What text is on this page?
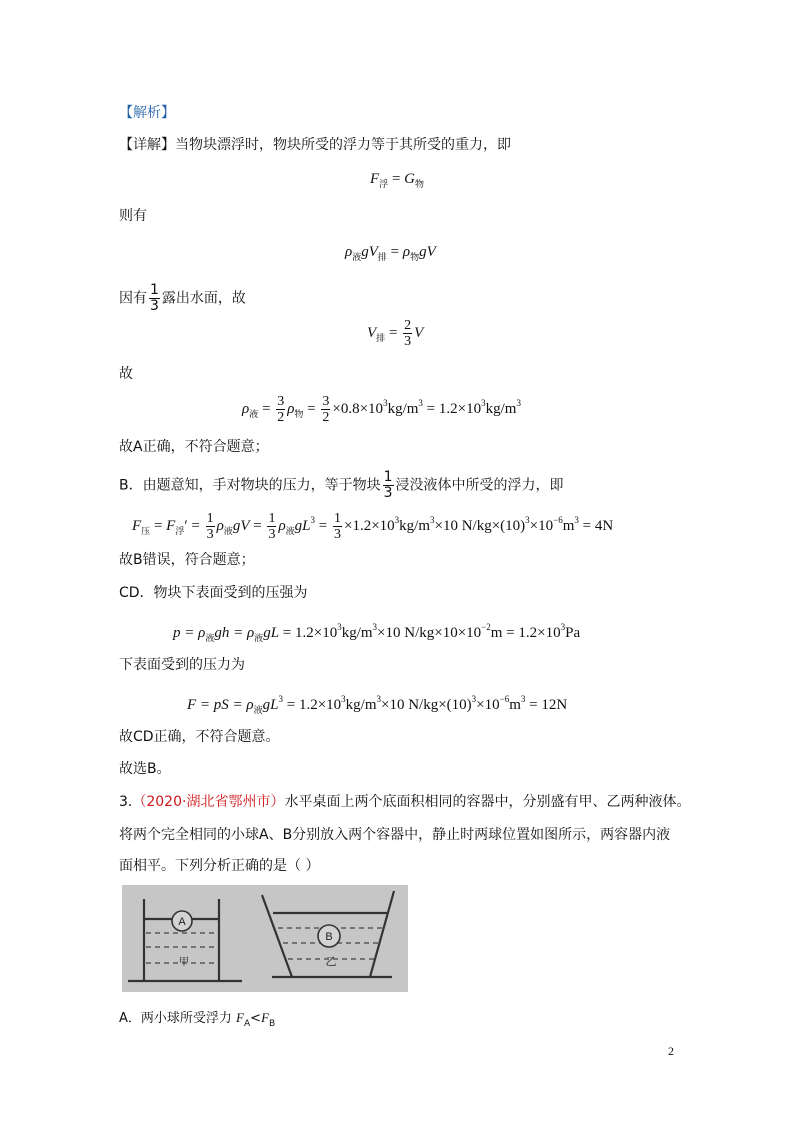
【解析】
【详解】当物块漂浮时，物块所受的浮力等于其所受的重力，即
$F_浮 = G_物$
则有
$\rho_液gV_排 = \rho_物gV$
因有 $\frac{1}{3}$ 露出水面，故
$V_排 = \frac{2}{3}$ V
故
$\rho_液 = \frac{3}{2} \rho_物 = \frac{3}{2} \times 0.8\times 10^3kg/m^3 = 1.2\times 10^3kg/m^3$
故A正确，不符合题意；
B．由题意知，手对物块的压力，等于物块 $\frac{1}{3}$ 浸没液体中所受的浮力，即
$F_压 = F_浮' = \frac{1}{3} \rho_液gV = \frac{1}{3} \rho_液gL^3 = \frac{1}{3} \times 1.2\times 10^3kg/m^3\times 10$ $N/kg\times(10)^3\times 10^{-6}m^3 = 4N$
故B错误，符合题意；
CD．物块下表面受到的压强为
$p = \rho_液gh = \rho_液gL = 1.2\times 10^3kg/m^3\times 10$ $N/kg\times 10\times 10^{-2}m = 1.2\times 10^3Pa$
下表面受到的压力为
F = pS = $\rho_液gL^3 = 1.2\times 10^3kg/m^3\times 10$ $N/kg\times(10)^3\times 10^{-6}m^3 = 12N$
故CD正确，不符合题意。
故选B。
3.（2020·湖北省鄂州市）水平桌面上两个底面积相同的容器中，分别盛有甲、乙两种液体。
将两个完全相同的小球A、B分别放入两个容器中，静止时两球位置如图所示，两容器内液
面相平。下列分析正确的是（ ）
A
甲
B
乙
A．两小球所受浮力 $F_A<F_B$
2
